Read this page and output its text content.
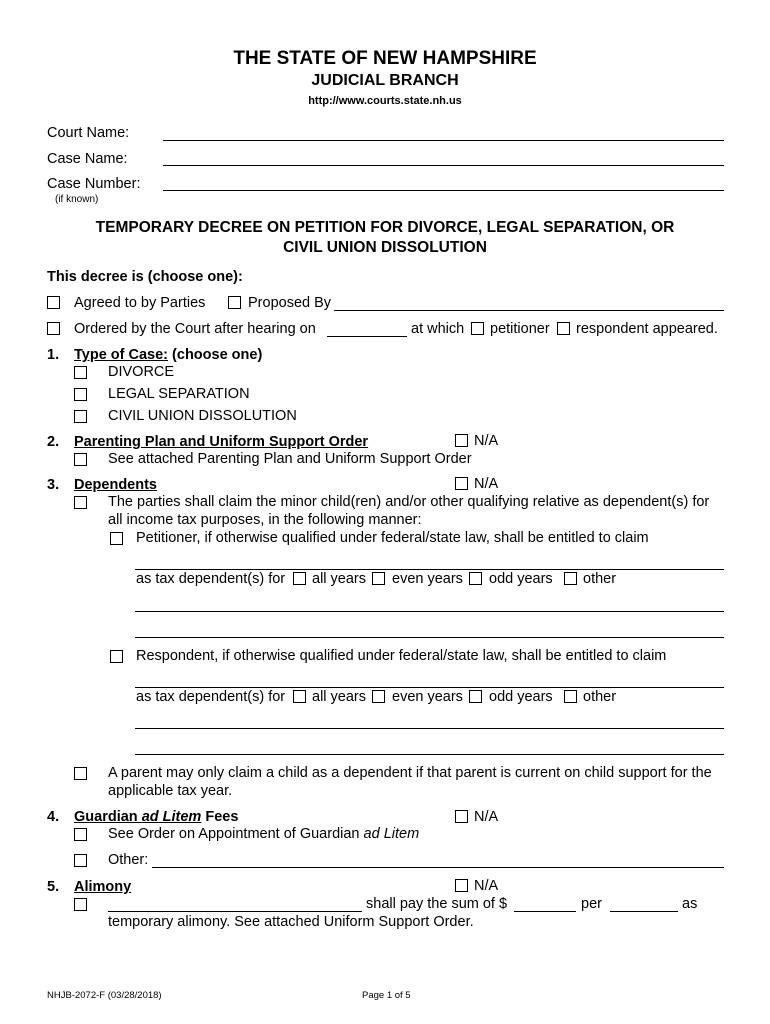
THE STATE OF NEW HAMPSHIRE
JUDICIAL BRANCH
http://www.courts.state.nh.us
Court Name:
Case Name:
Case Number:
(if known)
TEMPORARY DECREE ON PETITION FOR DIVORCE, LEGAL SEPARATION, OR
CIVIL UNION DISSOLUTION
This decree is (choose one):
Agreed to by Parties	Proposed By
Ordered by the Court after hearing on	at which petitioner respondent appeared.
1. Type of Case: (choose one)
DIVORCE
LEGAL SEPARATION
CIVIL UNION DISSOLUTION
2. Parenting Plan and Uniform Support Order	N/A
See attached Parenting Plan and Uniform Support Order
3. Dependents	N/A
The parties shall claim the minor child(ren) and/or other qualifying relative as dependent(s) for
all income tax purposes, in the following manner:
Petitioner, if otherwise qualified under federal/state law, shall be entitled to claim
as tax dependent(s) for all years even years odd years other
Respondent, if otherwise qualified under federal/state law, shall be entitled to claim
as tax dependent(s) for all years even years odd years other
A parent may only claim a child as a dependent if that parent is current on child support for the
applicable tax year.
4. Guardian ad Litem Fees	N/A
See Order on Appointment of Guardian ad Litem
Other:
5. Alimony	N/A
shall pay the sum of $	per	as
temporary alimony. See attached Uniform Support Order.
NHJB-2072-F (03/28/2018)	Page 1 of 5
